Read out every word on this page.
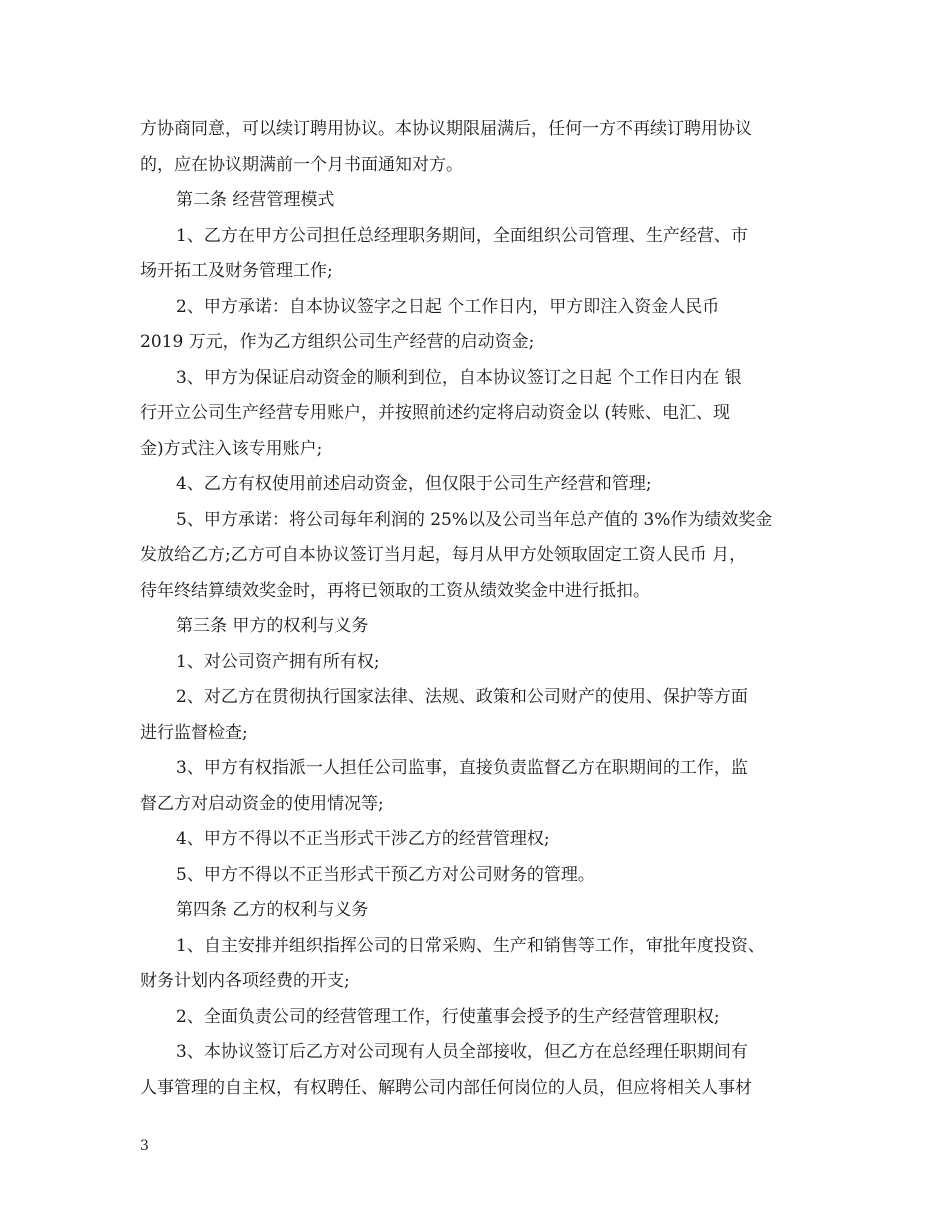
方协商同意，可以续订聘用协议。本协议期限届满后，任何一方不再续订聘用协议
的，应在协议期满前一个月书面通知对方。
第二条 经营管理模式
1、乙方在甲方公司担任总经理职务期间，全面组织公司管理、生产经营、市
场开拓工及财务管理工作;
2、甲方承诺：自本协议签字之日起 个工作日内，甲方即注入资金人民币
2019 万元，作为乙方组织公司生产经营的启动资金;
3、甲方为保证启动资金的顺利到位，自本协议签订之日起 个工作日内在 银
行开立公司生产经营专用账户，并按照前述约定将启动资金以 (转账、电汇、现
金)方式注入该专用账户;
4、乙方有权使用前述启动资金，但仅限于公司生产经营和管理;
5、甲方承诺：将公司每年利润的 25%以及公司当年总产值的 3%作为绩效奖金
发放给乙方;乙方可自本协议签订当月起，每月从甲方处领取固定工资人民币 月，
待年终结算绩效奖金时，再将已领取的工资从绩效奖金中进行抵扣。
第三条 甲方的权利与义务
1、对公司资产拥有所有权;
2、对乙方在贯彻执行国家法律、法规、政策和公司财产的使用、保护等方面
进行监督检查;
3、甲方有权指派一人担任公司监事，直接负责监督乙方在职期间的工作，监
督乙方对启动资金的使用情况等;
4、甲方不得以不正当形式干涉乙方的经营管理权;
5、甲方不得以不正当形式干预乙方对公司财务的管理。
第四条 乙方的权利与义务
1、自主安排并组织指挥公司的日常采购、生产和销售等工作，审批年度投资、
财务计划内各项经费的开支;
2、全面负责公司的经营管理工作，行使董事会授予的生产经营管理职权;
3、本协议签订后乙方对公司现有人员全部接收，但乙方在总经理任职期间有
人事管理的自主权，有权聘任、解聘公司内部任何岗位的人员，但应将相关人事材
3
